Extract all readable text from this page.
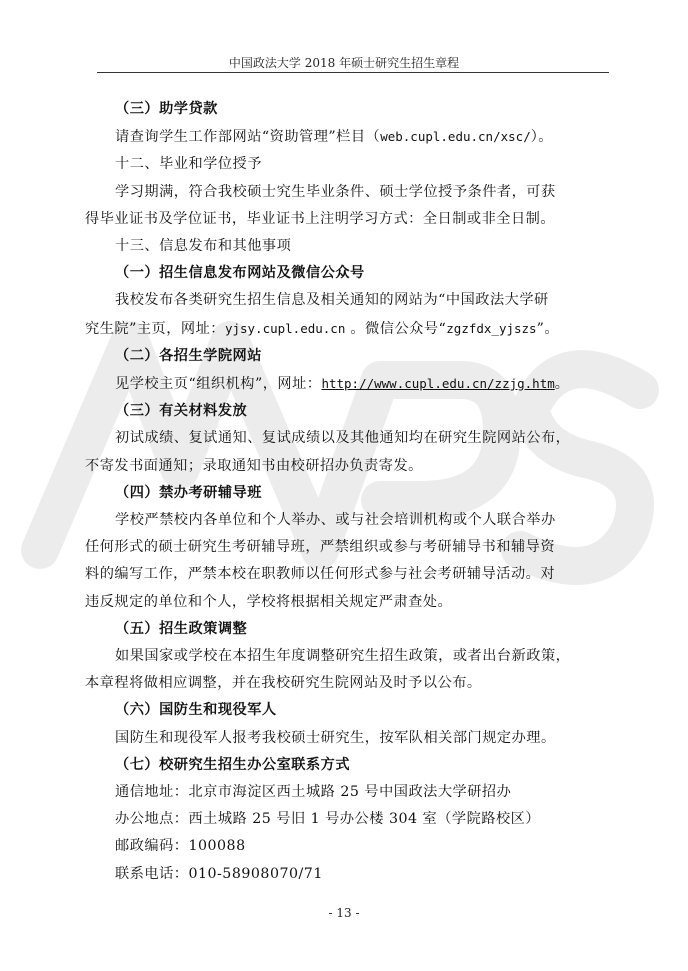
中国政法大学 2018 年硕士研究生招生章程

（三）助学贷款

请查询学生工作部网站“资助管理”栏目（web.cupl.edu.cn/xsc/）。

十二、毕业和学位授予

学习期满，符合我校硕士究生毕业条件、硕士学位授予条件者，可获

得毕业证书及学位证书，毕业证书上注明学习方式：全日制或非全日制。

十三、信息发布和其他事项

（一）招生信息发布网站及微信公众号

我校发布各类研究生招生信息及相关通知的网站为“中国政法大学研

究生院”主页，网址：yjsy.cupl.edu.cn 。微信公众号“zgzfdx_yjszs”。

（二）各招生学院网站

见学校主页“组织机构”，网址：http://www.cupl.edu.cn/zzjg.htm。

（三）有关材料发放

初试成绩、复试通知、复试成绩以及其他通知均在研究生院网站公布，

不寄发书面通知；录取通知书由校研招办负责寄发。

（四）禁办考研辅导班

学校严禁校内各单位和个人举办、或与社会培训机构或个人联合举办

任何形式的硕士研究生考研辅导班，严禁组织或参与考研辅导书和辅导资

料的编写工作，严禁本校在职教师以任何形式参与社会考研辅导活动。对

违反规定的单位和个人，学校将根据相关规定严肃查处。

（五）招生政策调整

如果国家或学校在本招生年度调整研究生招生政策，或者出台新政策，

本章程将做相应调整，并在我校研究生院网站及时予以公布。

（六）国防生和现役军人

国防生和现役军人报考我校硕士研究生，按军队相关部门规定办理。

（七）校研究生招生办公室联系方式

通信地址：北京市海淀区西土城路 25 号中国政法大学研招办

办公地点：西土城路 25 号旧 1 号办公楼 304 室（学院路校区）

邮政编码：100088

联系电话：010-58908070/71

- 13 -
